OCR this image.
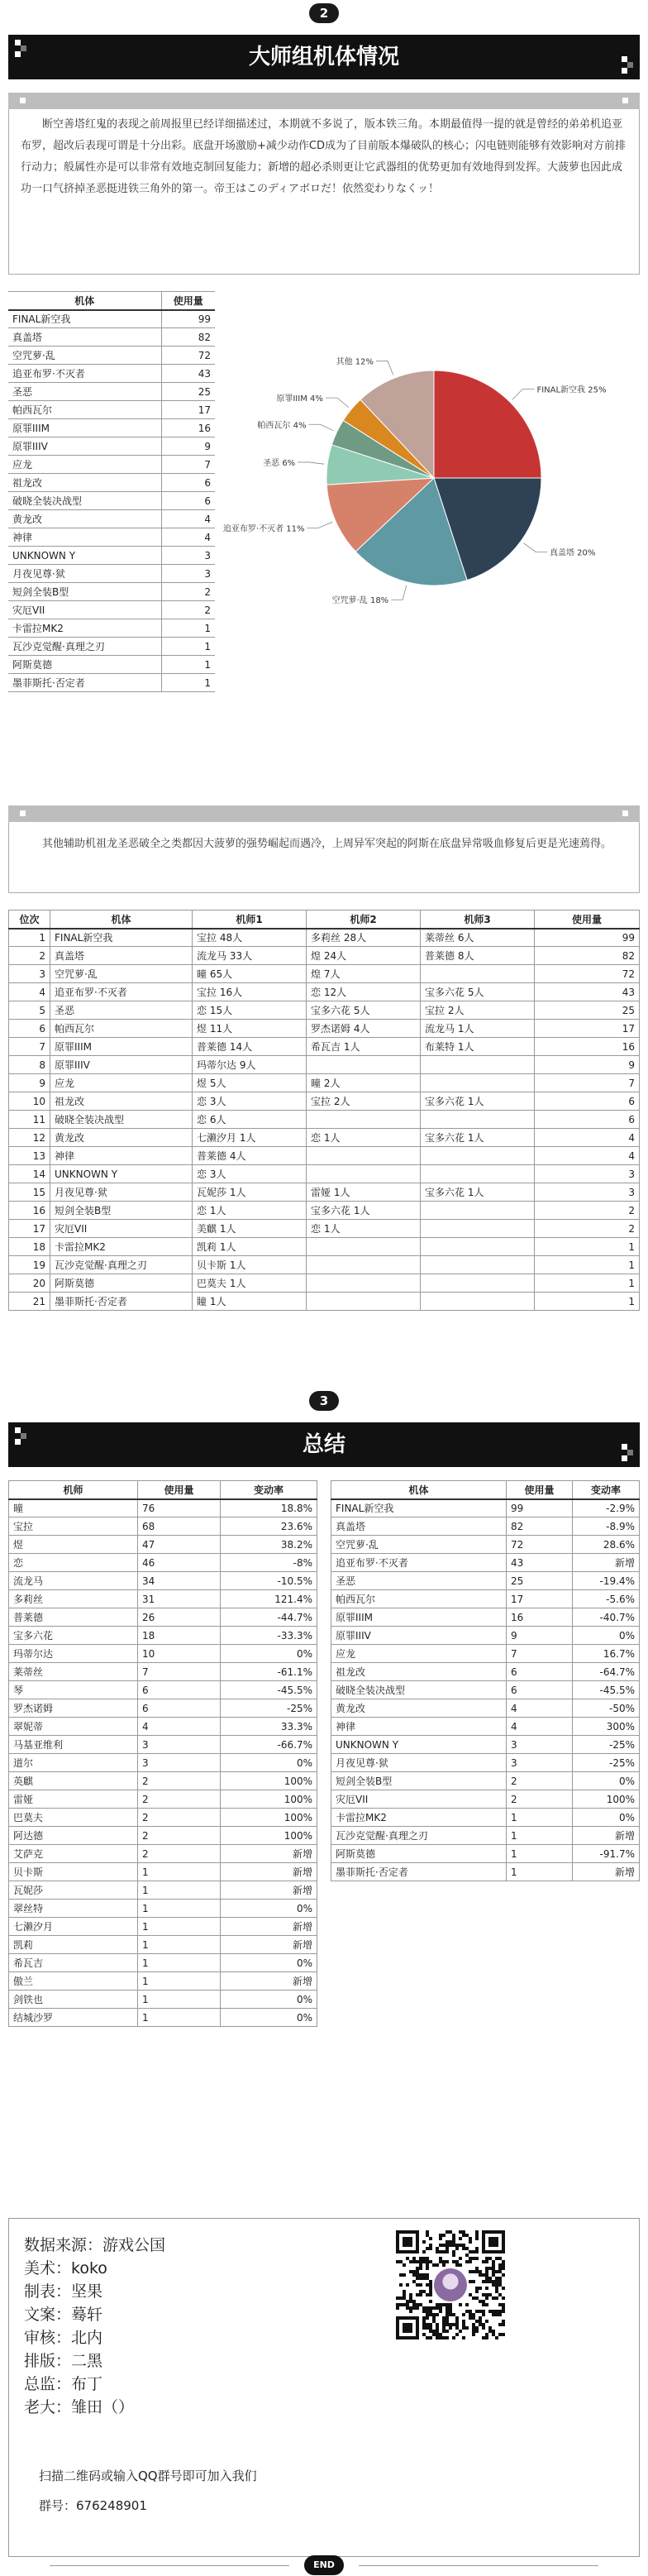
2
大师组机体情况
断空善塔红鬼的表现之前周报里已经详细描述过，本期就不多说了，版本铁三角。本期最值得一提的就是曾经的弟弟机追亚布罗，超改后表现可谓是十分出彩。底盘开场激励+减少动作CD成为了目前版本爆破队的核心；闪电链则能够有效影响对方前排行动力；般属性亦是可以非常有效地克制回复能力；新增的超必杀则更让它武器组的优势更加有效地得到发挥。大菠萝也因此成功一口气挤掉圣恶挺进铁三角外的第一。帝王はこのディアボロだ！依然変わりなくッ！
机体	使用量
FINAL新空我	99
真盖塔	82
空咒萝·乱	72
追亚布罗·不灭者	43
圣恶	25
帕西瓦尔	17
原罪IIIM	16
原罪IIIV	9
应龙	7
祖龙改	6
破晓全装决战型	6
黄龙改	4
神律	4
UNKNOWN Y	3
月夜见尊·狱	3
短剑全装B型	2
灾厄VII	2
卡雷拉MK2	1
瓦沙克觉醒·真理之刃	1
阿斯莫德	1
墨菲斯托·否定者	1
FINAL新空我 25%
真盖塔 20%
空咒萝·乱 18%
追亚布罗·不灭者 11%
圣恶 6%
帕西瓦尔 4%
原罪IIIM 4%
其他 12%
其他辅助机祖龙圣恶破全之类都因大菠萝的强势崛起而遇冷，上周异军突起的阿斯在底盘异常吸血修复后更是光速蔫得。
位次	机体	机师1	机师2	机师3	使用量
1	FINAL新空我	宝拉 48人	多莉丝 28人	莱蒂丝 6人	99
2	真盖塔	流龙马 33人	煌 24人	普莱德 8人	82
3	空咒萝·乱	曈 65人	煌 7人		72
4	追亚布罗·不灭者	宝拉 16人	恋 12人	宝多六花 5人	43
5	圣恶	恋 15人	宝多六花 5人	宝拉 2人	25
6	帕西瓦尔	煜 11人	罗杰诺姆 4人	流龙马 1人	17
7	原罪IIIM	普莱德 14人	希瓦吉 1人	布莱特 1人	16
8	原罪IIIV	玛蒂尔达 9人			9
9	应龙	煜 5人	曈 2人		7
10	祖龙改	恋 3人	宝拉 2人	宝多六花 1人	6
11	破晓全装决战型	恋 6人			6
12	黄龙改	七濑汐月 1人	恋 1人	宝多六花 1人	4
13	神律	普莱德 4人			4
14	UNKNOWN Y	恋 3人			3
15	月夜见尊·狱	瓦妮莎 1人	雷娅 1人	宝多六花 1人	3
16	短剑全装B型	恋 1人	宝多六花 1人		2
17	灾厄VII	美麒 1人	恋 1人		2
18	卡雷拉MK2	凯莉 1人			1
19	瓦沙克觉醒·真理之刃	贝卡斯 1人			1
20	阿斯莫德	巴莫夫 1人			1
21	墨菲斯托·否定者	瞳 1人			1
3
总结
机师	使用量	变动率
曈	76	18.8%
宝拉	68	23.6%
煜	47	38.2%
恋	46	-8%
流龙马	34	-10.5%
多莉丝	31	121.4%
普莱德	26	-44.7%
宝多六花	18	-33.3%
玛蒂尔达	10	0%
莱蒂丝	7	-61.1%
琴	6	-45.5%
罗杰诺姆	6	-25%
翠妮蒂	4	33.3%
马基亚维利	3	-66.7%
道尔	3	0%
英麒	2	100%
雷娅	2	100%
巴莫夫	2	100%
阿达德	2	100%
艾萨克	2	新增
贝卡斯	1	新增
瓦妮莎	1	新增
翠丝特	1	0%
七濑汐月	1	新增
凯莉	1	新增
希瓦吉	1	0%
傲兰	1	新增
剑铁也	1	0%
结城沙罗	1	0%
机体	使用量	变动率
FINAL新空我	99	-2.9%
真盖塔	82	-8.9%
空咒萝·乱	72	28.6%
追亚布罗·不灭者	43	新增
圣恶	25	-19.4%
帕西瓦尔	17	-5.6%
原罪IIIM	16	-40.7%
原罪IIIV	9	0%
应龙	7	16.7%
祖龙改	6	-64.7%
破晓全装决战型	6	-45.5%
黄龙改	4	-50%
神律	4	300%
UNKNOWN Y	3	-25%
月夜见尊·狱	3	-25%
短剑全装B型	2	0%
灾厄VII	2	100%
卡雷拉MK2	1	0%
瓦沙克觉醒·真理之刃	1	新增
阿斯莫德	1	-91.7%
墨菲斯托·否定者	1	新增
数据来源：游戏公国
美术：koko
制表：坚果
文案：蓦轩
审核：北内
排版：二黑
总监：布丁
老大：雏田（）
扫描二维码或输入QQ群号即可加入我们
群号：676248901
END
